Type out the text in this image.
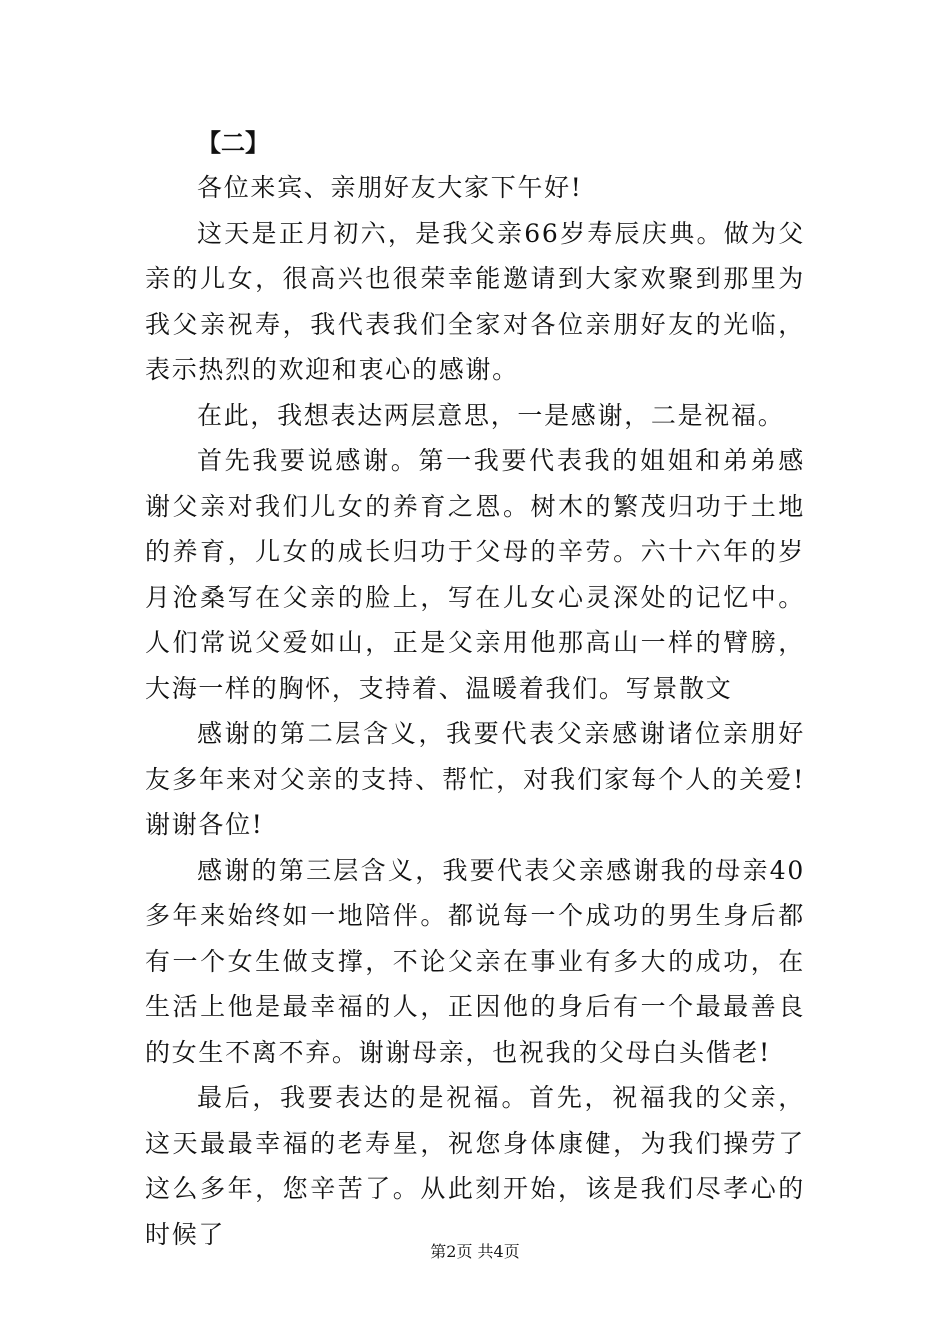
【二】

各位来宾、亲朋好友大家下午好!

这天是正月初六，是我父亲66岁寿辰庆典。做为父亲的儿女，很高兴也很荣幸能邀请到大家欢聚到那里为我父亲祝寿，我代表我们全家对各位亲朋好友的光临，表示热烈的欢迎和衷心的感谢。

在此，我想表达两层意思，一是感谢，二是祝福。

首先我要说感谢。第一我要代表我的姐姐和弟弟感谢父亲对我们儿女的养育之恩。树木的繁茂归功于土地的养育，儿女的成长归功于父母的辛劳。六十六年的岁月沧桑写在父亲的脸上，写在儿女心灵深处的记忆中。人们常说父爱如山，正是父亲用他那高山一样的臂膀，大海一样的胸怀，支持着、温暖着我们。写景散文

感谢的第二层含义，我要代表父亲感谢诸位亲朋好友多年来对父亲的支持、帮忙，对我们家每个人的关爱!谢谢各位!

感谢的第三层含义，我要代表父亲感谢我的母亲40多年来始终如一地陪伴。都说每一个成功的男生身后都有一个女生做支撑，不论父亲在事业有多大的成功，在生活上他是最幸福的人，正因他的身后有一个最最善良的女生不离不弃。谢谢母亲，也祝我的父母白头偕老!

最后，我要表达的是祝福。首先，祝福我的父亲，这天最最幸福的老寿星，祝您身体康健，为我们操劳了这么多年，您辛苦了。从此刻开始，该是我们尽孝心的时候了

第2页 共4页
